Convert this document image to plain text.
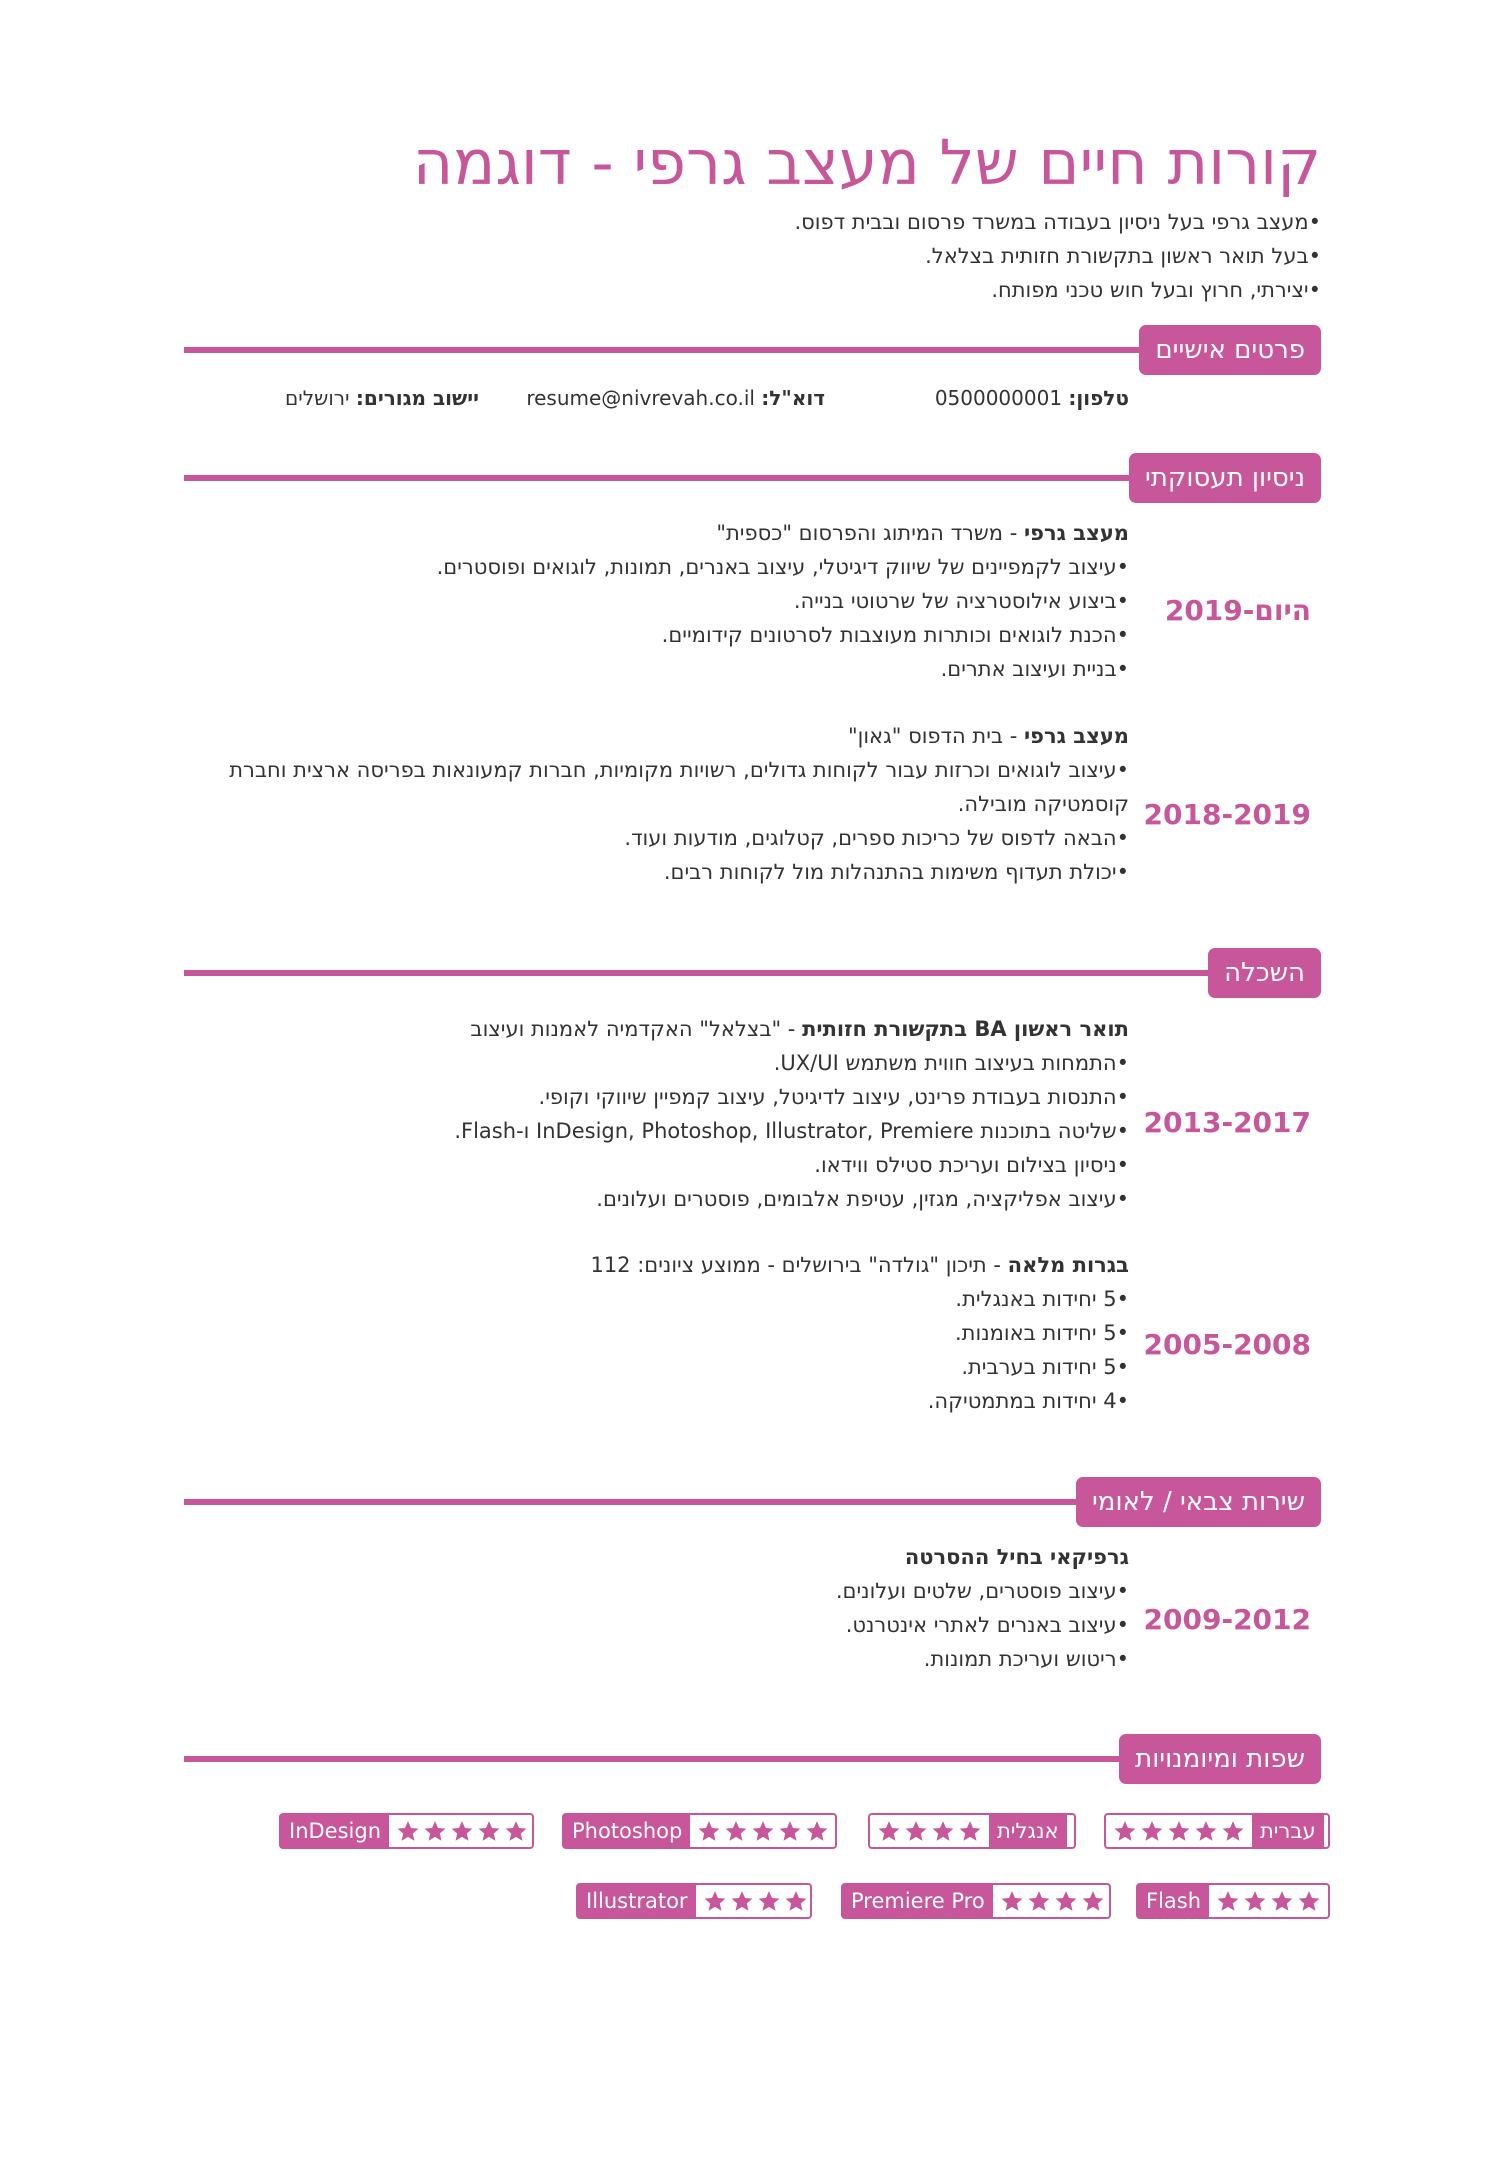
קורות חיים של מעצב גרפי - דוגמה
•מעצב גרפי בעל ניסיון בעבודה במשרד פרסום ובבית דפוס.
•בעל תואר ראשון בתקשורת חזותית בצלאל.
•יצירתי, חרוץ ובעל חוש טכני מפותח.
פרטים אישיים
טלפון: 0500000001
דוא"ל: resume@nivrevah.co.il
יישוב מגורים: ירושלים
ניסיון תעסוקתי
מעצב גרפי - משרד המיתוג והפרסום "כספית"
•עיצוב לקמפיינים של שיווק דיגיטלי, עיצוב באנרים, תמונות, לוגואים ופוסטרים.
•ביצוע אילוסטרציה של שרטוטי בנייה.
•הכנת לוגואים וכותרות מעוצבות לסרטונים קידומיים.
•בניית ועיצוב אתרים.
2019-היום
מעצב גרפי - בית הדפוס "גאון"
•עיצוב לוגואים וכרזות עבור לקוחות גדולים, רשויות מקומיות, חברות קמעונאות בפריסה ארצית וחברת קוסמטיקה מובילה.
•הבאה לדפוס של כריכות ספרים, קטלוגים, מודעות ועוד.
•יכולת תעדוף משימות בהתנהלות מול לקוחות רבים.
2018-2019
השכלה
תואר ראשון BA בתקשורת חזותית - "בצלאל" האקדמיה לאמנות ועיצוב
•התמחות בעיצוב חווית משתמש UX/UI.
•התנסות בעבודת פרינט, עיצוב לדיגיטל, עיצוב קמפיין שיווקי וקופי.
•שליטה בתוכנות InDesign, Photoshop, Illustrator, Premiere ו-Flash.
•ניסיון בצילום ועריכת סטילס ווידאו.
•עיצוב אפליקציה, מגזין, עטיפת אלבומים, פוסטרים ועלונים.
2013-2017
בגרות מלאה - תיכון "גולדה" בירושלים - ממוצע ציונים: 112
•5 יחידות באנגלית.
•5 יחידות באומנות.
•5 יחידות בערבית.
•4 יחידות במתמטיקה.
2005-2008
שירות צבאי / לאומי
גרפיקאי בחיל ההסרטה
•עיצוב פוסטרים, שלטים ועלונים.
•עיצוב באנרים לאתרי אינטרנט.
•ריטוש ועריכת תמונות.
2009-2012
שפות ומיומנויות
עברית
אנגלית
Photoshop
InDesign
Flash
Premiere Pro
Illustrator
